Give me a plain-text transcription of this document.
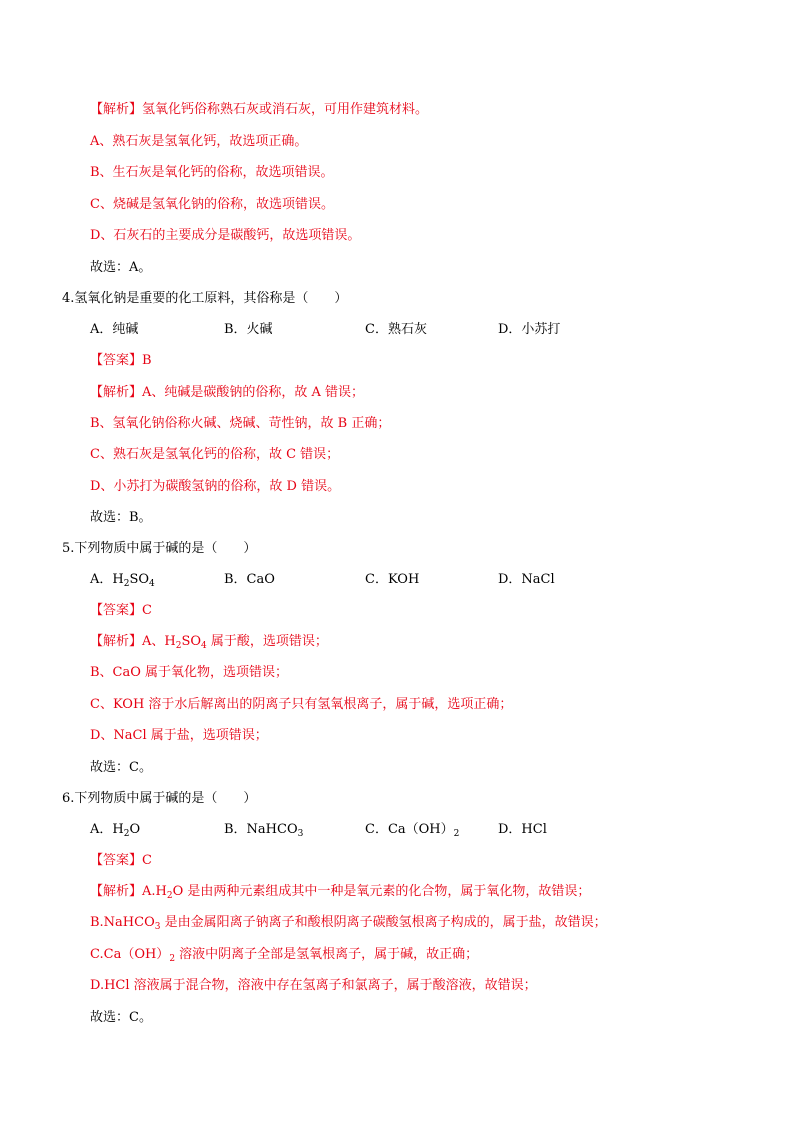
【解析】氢氧化钙俗称熟石灰或消石灰，可用作建筑材料。
A、熟石灰是氢氧化钙，故选项正确。
B、生石灰是氧化钙的俗称，故选项错误。
C、烧碱是氢氧化钠的俗称，故选项错误。
D、石灰石的主要成分是碳酸钙，故选项错误。
故选：A。
4.氢氧化钠是重要的化工原料，其俗称是（　　）
A．纯碱	B．火碱	C．熟石灰	D．小苏打
【答案】B
【解析】A、纯碱是碳酸钠的俗称，故 A 错误；
B、氢氧化钠俗称火碱、烧碱、苛性钠，故 B 正确；
C、熟石灰是氢氧化钙的俗称，故 C 错误；
D、小苏打为碳酸氢钠的俗称，故 D 错误。
故选：B。
5.下列物质中属于碱的是（　　）
A．$H_2SO_4$	B．CaO	C．KOH	D．NaCl
【答案】C
【解析】A、$H_2SO_4$ 属于酸，选项错误；
B、CaO 属于氧化物，选项错误；
C、KOH 溶于水后解离出的阴离子只有氢氧根离子，属于碱，选项正确；
D、NaCl 属于盐，选项错误；
故选：C。
6.下列物质中属于碱的是（　　）
A．$H_2O$	B．NaHCO$_3$	C．$Ca(OH)_2$	D．HCl
【答案】C
【解析】$A.H_2O$ 是由两种元素组成其中一种是氧元素的化合物，属于氧化物，故错误；
B.NaHCO$_3$ 是由金属阳离子钠离子和酸根阴离子碳酸氢根离子构成的，属于盐，故错误；
$C.Ca(OH)_2$ 溶液中阴离子全部是氢氧根离子，属于碱，故正确；
D.HCl 溶液属于混合物，溶液中存在氢离子和氯离子，属于酸溶液，故错误；
故选：C。
